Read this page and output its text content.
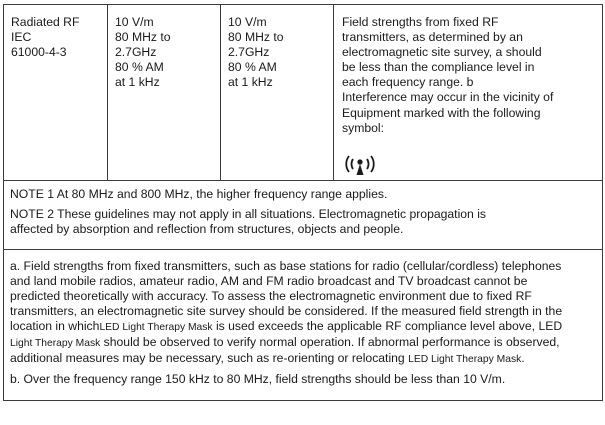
Radiated RF
IEC
61000-4-3

10 V/m
80 MHz to
2.7GHz
80 % AM
at 1 kHz

10 V/m
80 MHz to
2.7GHz
80 % AM
at 1 kHz

Field strengths from fixed RF
transmitters, as determined by an
electromagnetic site survey, a should
be less than the compliance level in
each frequency range. b
Interference may occur in the vicinity of
Equipment marked with the following
symbol:

NOTE 1 At 80 MHz and 800 MHz, the higher frequency range applies.
NOTE 2 These guidelines may not apply in all situations. Electromagnetic propagation is
affected by absorption and reflection from structures, objects and people.

a. Field strengths from fixed transmitters, such as base stations for radio (cellular/cordless) telephones
and land mobile radios, amateur radio, AM and FM radio broadcast and TV broadcast cannot be
predicted theoretically with accuracy. To assess the electromagnetic environment due to fixed RF
transmitters, an electromagnetic site survey should be considered. If the measured field strength in the
location in whichLED Light Therapy Mask is used exceeds the applicable RF compliance level above, LED
Light Therapy Mask should be observed to verify normal operation. If abnormal performance is observed,
additional measures may be necessary, such as re-orienting or relocating LED Light Therapy Mask.
b. Over the frequency range 150 kHz to 80 MHz, field strengths should be less than 10 V/m.
